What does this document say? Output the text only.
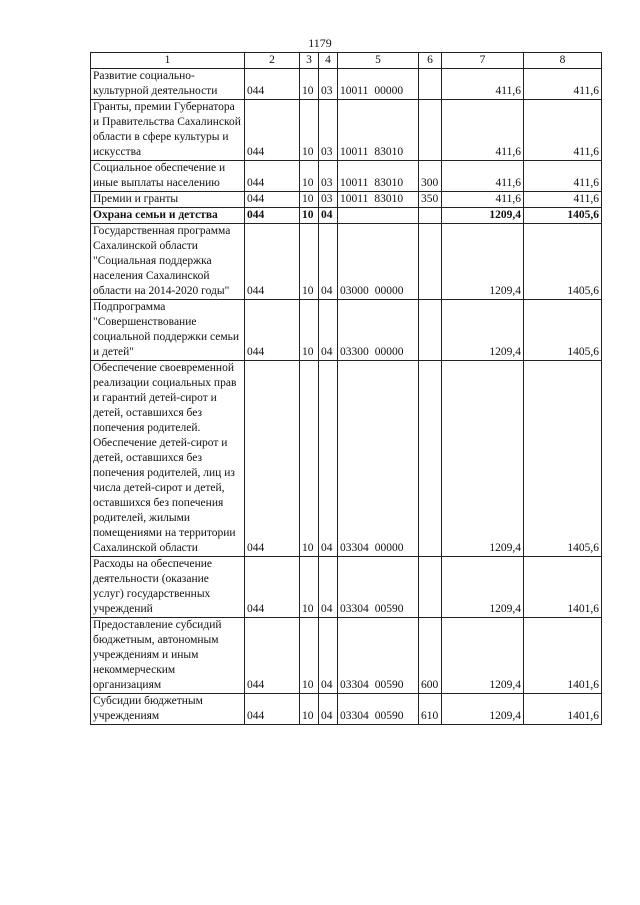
1179
1	2	3	4	5	6	7	8
Развитие социально-культурной деятельности	044	10	03	10011 00000		411,6	411,6
Гранты, премии Губернатора и Правительства Сахалинской области в сфере культуры и искусства	044	10	03	10011 83010		411,6	411,6
Социальное обеспечение и иные выплаты населению	044	10	03	10011 83010	300	411,6	411,6
Премии и гранты	044	10	03	10011 83010	350	411,6	411,6
Охрана семьи и детства	044	10	04			1209,4	1405,6
Государственная программа Сахалинской области "Социальная поддержка населения Сахалинской области на 2014-2020 годы"	044	10	04	03000 00000		1209,4	1405,6
Подпрограмма "Совершенствование социальной поддержки семьи и детей"	044	10	04	03300 00000		1209,4	1405,6
Обеспечение своевременной реализации социальных прав и гарантий детей-сирот и детей, оставшихся без попечения родителей. Обеспечение детей-сирот и детей, оставшихся без попечения родителей, лиц из числа детей-сирот и детей, оставшихся без попечения родителей, жилыми помещениями на территории Сахалинской области	044	10	04	03304 00000		1209,4	1405,6
Расходы на обеспечение деятельности (оказание услуг) государственных учреждений	044	10	04	03304 00590		1209,4	1401,6
Предоставление субсидий бюджетным, автономным учреждениям и иным некоммерческим организациям	044	10	04	03304 00590	600	1209,4	1401,6
Субсидии бюджетным учреждениям	044	10	04	03304 00590	610	1209,4	1401,6
